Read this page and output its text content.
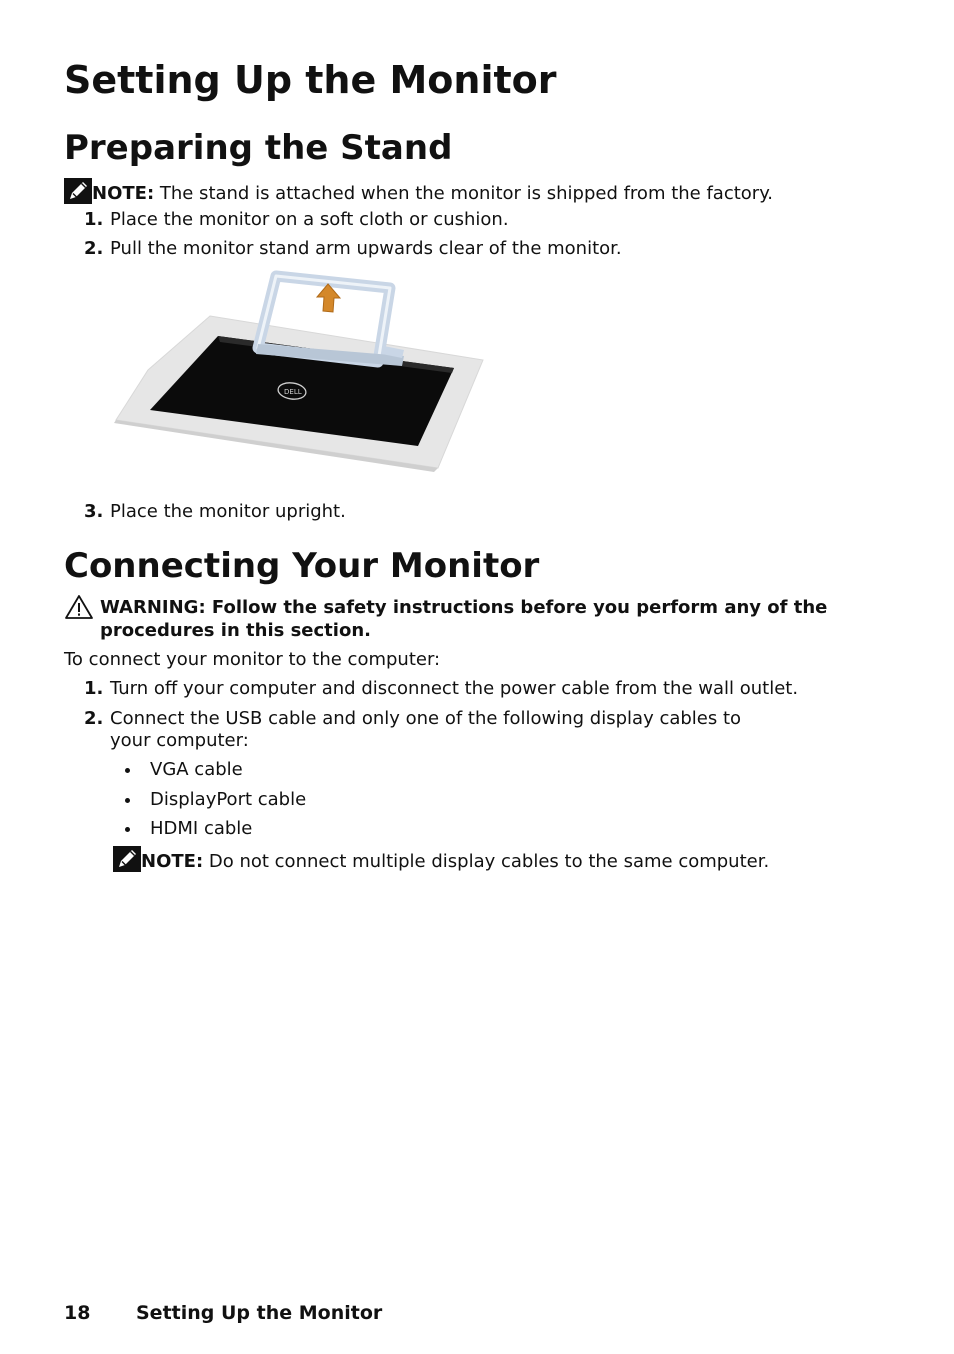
Setting Up the Monitor
Preparing the Stand
NOTE: The stand is attached when the monitor is shipped from the factory.
1. Place the monitor on a soft cloth or cushion.
2. Pull the monitor stand arm upwards clear of the monitor.
DELL
3. Place the monitor upright.
Connecting Your Monitor
WARNING: Follow the safety instructions before you perform any of the
procedures in this section.
To connect your monitor to the computer:
1. Turn off your computer and disconnect the power cable from the wall outlet.
2. Connect the USB cable and only one of the following display cables to
your computer:
VGA cable
DisplayPort cable
HDMI cable
NOTE: Do not connect multiple display cables to the same computer.
18 Setting Up the Monitor
